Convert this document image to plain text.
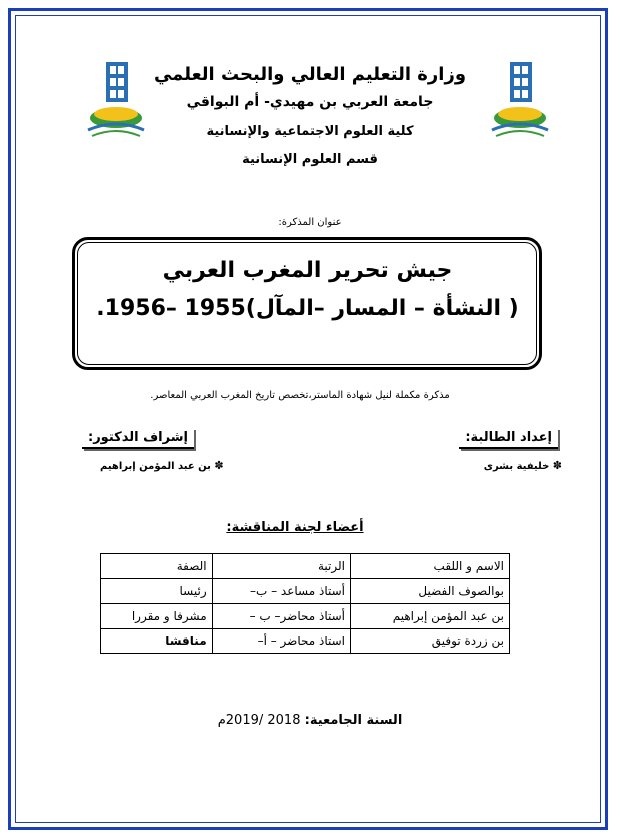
وزارة التعليم العالي والبحث العلمي
جامعة العربي بن مهيدي- أم البواقي
كلية العلوم الاجتماعية والإنسانية
قسم العلوم الإنسانية
عنوان المذكرة:
جيش تحرير المغرب العربي
( النشأة – المسار –المآل)1955 –1956.
مذكرة مكملة لنيل شهادة الماستر،تخصص تاريخ المغرب العربي المعاصر.
إعداد الطالبة:
✽ خليفية بشرى
إشراف الدكتور:
✽ بن عبد المؤمن إبراهيم
أعضاء لجنة المناقشة:
الاسم و اللقب	الرتبة	الصفة
بوالصوف الفضيل	أستاذ مساعد – ب–	رئيسا
بن عبد المؤمن إبراهيم	أستاذ محاضر– ب –	مشرفا و مقررا
بن زردة توفيق	استاذ محاضر – أ–	مناقشا
السنة الجامعية: 2018 /2019م
